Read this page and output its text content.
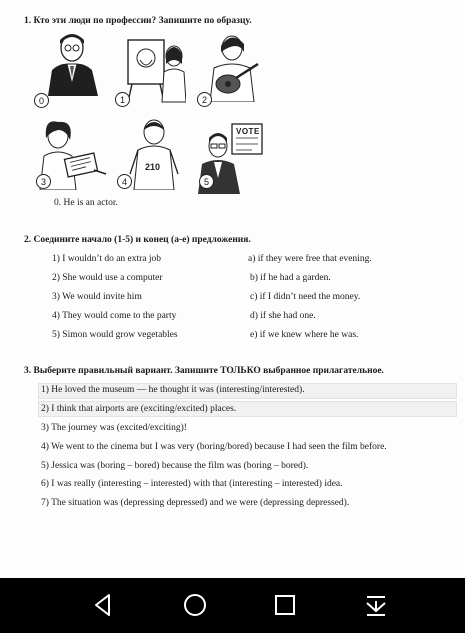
1. Кто эти люди по профессии? Запишите по образцу.
0	1	2
3
210
4
VOTE
5
0. He is an actor.
2. Соедините начало (1-5) и конец (a-e) предложения.
1) I wouldn’t do an extra job
2) She would use a computer
3) We would invite him
4) They would come to the party
5) Simon would grow vegetables
a) if they were free that evening.
b) if he had a garden.
c) if I didn’t need the money.
d) if she had one.
e) if we knew where he was.
3. Выберите правильный вариант. Запишите ТОЛЬКО выбранное прилагательное.
1) He loved the museum — he thought it was (interesting/interested).
2) I think that airports are (exciting/excited) places.
3) The journey was (excited/exciting)!
4) We went to the cinema but I was very (boring/bored) because I had seen the film before.
5) Jessica was (boring – bored) because the film was (boring – bored).
6) I was really (interesting – interested) with that (interesting – interested) idea.
7) The situation was (depressing depressed) and we were (depressing depressed).
